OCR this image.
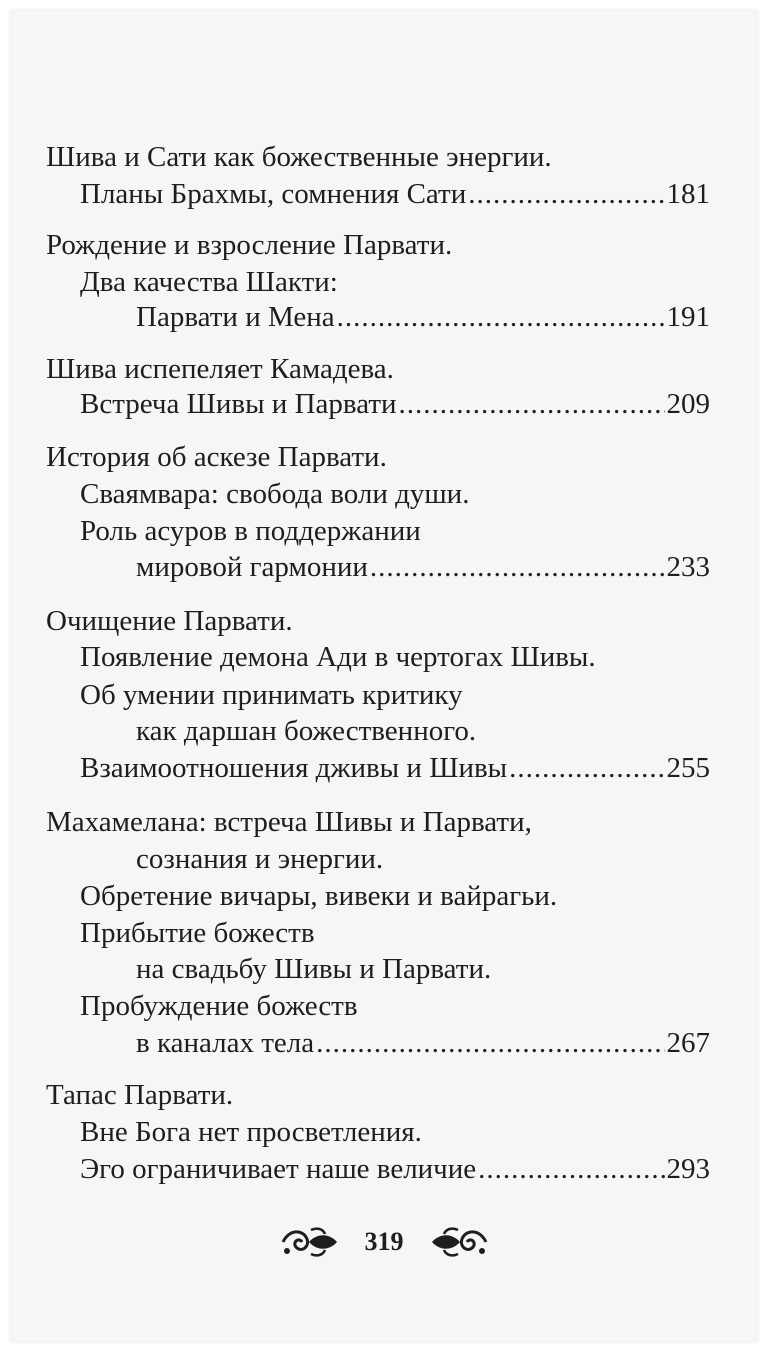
Шива и Сати как божественные энергии.
Планы Брахмы, сомнения Сати .....	181
Рождение и взросление Парвати.
Два качества Шакти:
Парвати и Мена .....	191
Шива испепеляет Камадева.
Встреча Шивы и Парвати .....	209
История об аскезе Парвати.
Сваямвара: свобода воли души.
Роль асуров в поддержании
мировой гармонии .....	233
Очищение Парвати.
Появление демона Ади в чертогах Шивы.
Об умении принимать критику
как даршан божественного.
Взаимоотношения дживы и Шивы .....	255
Махамелана: встреча Шивы и Парвати,
сознания и энергии.
Обретение вичары, вивеки и вайрагьи.
Прибытие божеств
на свадьбу Шивы и Парвати.
Пробуждение божеств
в каналах тела .....	267
Тапас Парвати.
Вне Бога нет просветления.
Эго ограничивает наше величие .....	293
319
